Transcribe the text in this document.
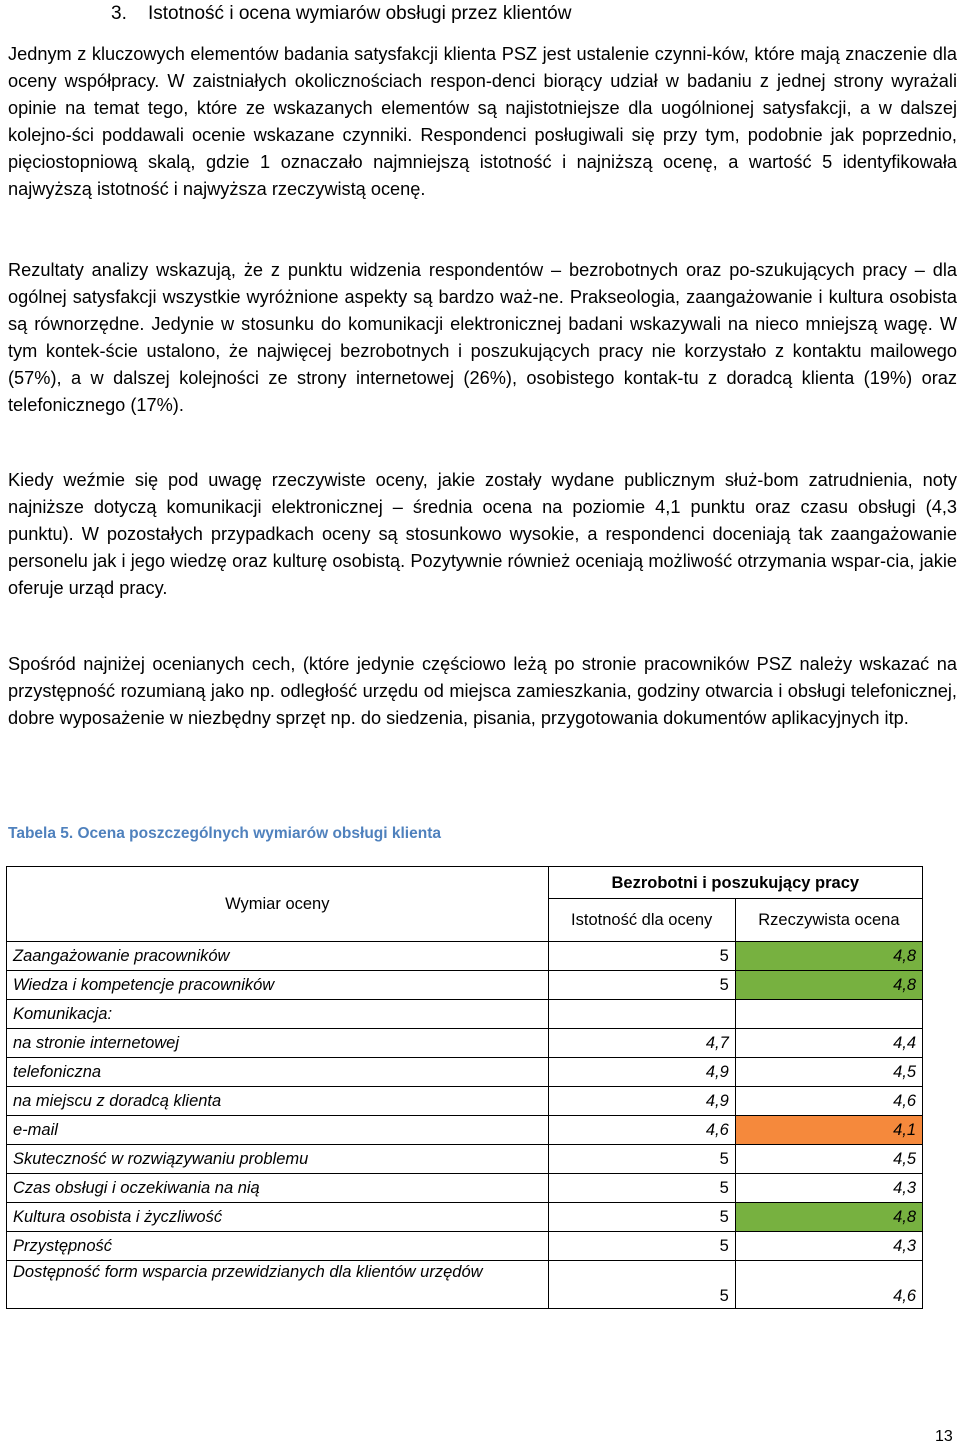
3. Istotność i ocena wymiarów obsługi przez klientów

Jednym z kluczowych elementów badania satysfakcji klienta PSZ jest ustalenie czynni-ków, które mają znaczenie dla oceny współpracy. W zaistniałych okolicznościach respon-denci biorący udział w badaniu z jednej strony wyrażali opinie na temat tego, które ze wskazanych elementów są najistotniejsze dla uogólnionej satysfakcji, a w dalszej kolejno-ści poddawali ocenie wskazane czynniki. Respondenci posługiwali się przy tym, podobnie jak poprzednio, pięciostopniową skalą, gdzie 1 oznaczało najmniejszą istotność i najniższą ocenę, a wartość 5 identyfikowała najwyższą istotność i najwyższa rzeczywistą ocenę.

Rezultaty analizy wskazują, że z punktu widzenia respondentów – bezrobotnych oraz po-szukujących pracy – dla ogólnej satysfakcji wszystkie wyróżnione aspekty są bardzo waż-ne. Prakseologia, zaangażowanie i kultura osobista są równorzędne. Jedynie w stosunku do komunikacji elektronicznej badani wskazywali na nieco mniejszą wagę. W tym kontek-ście ustalono, że najwięcej bezrobotnych i poszukujących pracy nie korzystało z kontaktu mailowego (57%), a w dalszej kolejności ze strony internetowej (26%), osobistego kontak-tu z doradcą klienta (19%) oraz telefonicznego (17%).

Kiedy weźmie się pod uwagę rzeczywiste oceny, jakie zostały wydane publicznym służ-bom zatrudnienia, noty najniższe dotyczą komunikacji elektronicznej – średnia ocena na poziomie 4,1 punktu oraz czasu obsługi (4,3 punktu). W pozostałych przypadkach oceny są stosunkowo wysokie, a respondenci doceniają tak zaangażowanie personelu jak i jego wiedzę oraz kulturę osobistą. Pozytywnie również oceniają możliwość otrzymania wspar-cia, jakie oferuje urząd pracy.

Spośród najniżej ocenianych cech, (które jedynie częściowo leżą po stronie pracowników PSZ należy wskazać na przystępność rozumianą jako np. odległość urzędu od miejsca zamieszkania, godziny otwarcia i obsługi telefonicznej, dobre wyposażenie w niezbędny sprzęt np. do siedzenia, pisania, przygotowania dokumentów aplikacyjnych itp.

Tabela 5. Ocena poszczególnych wymiarów obsługi klienta
Wymiar oceny	Bezrobotni i poszukujący pracy	
	Istotność dla oceny	Rzeczywista ocena
Zaangażowanie pracowników	5	4,8
Wiedza i kompetencje pracowników	5	4,8
Komunikacja:		
na stronie internetowej	4,7	4,4
telefoniczna	4,9	4,5
na miejscu z doradcą klienta	4,9	4,6
e-mail	4,6	4,1
Skuteczność w rozwiązywaniu problemu	5	4,5
Czas obsługi i oczekiwania na nią	5	4,3
Kultura osobista i życzliwość	5	4,8
Przystępność	5	4,3
Dostępność form wsparcia przewidzianych dla klientów urzędów	5	4,6
13
